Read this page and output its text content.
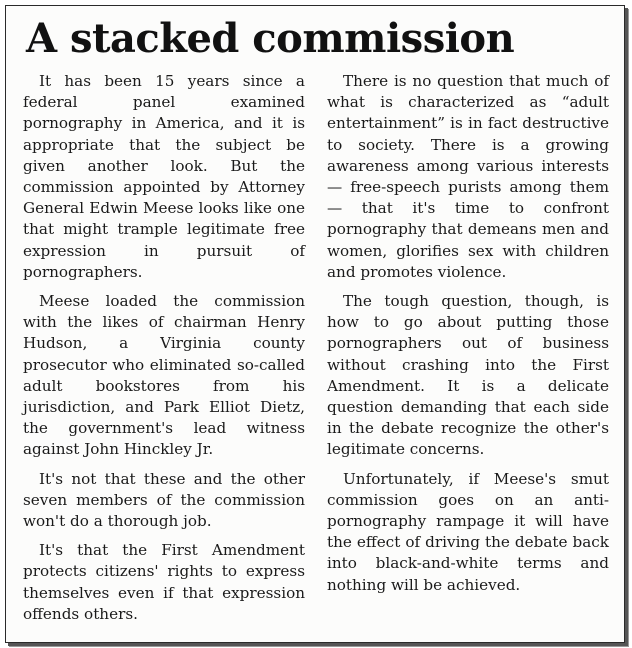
A stacked commission

It has been 15 years since a federal panel examined pornography in America, and it is appropriate that the subject be given another look. But the commission appointed by Attorney General Edwin Meese looks like one that might trample legitimate free expression in pursuit of pornographers.

Meese loaded the commission with the likes of chairman Henry Hudson, a Virginia county prosecutor who eliminated so-called adult bookstores from his jurisdiction, and Park Elliot Dietz, the government's lead witness against John Hinckley Jr.

It's not that these and the other seven members of the commission won't do a thorough job.

It's that the First Amendment protects citizens' rights to express themselves even if that expression offends others.

There is no question that much of what is characterized as “adult entertainment” is in fact destructive to society. There is a growing awareness among various interests — free-speech purists among them — that it's time to confront pornography that demeans men and women, glorifies sex with children and promotes violence.

The tough question, though, is how to go about putting those pornographers out of business without crashing into the First Amendment. It is a delicate question demanding that each side in the debate recognize the other's legitimate concerns.

Unfortunately, if Meese's smut commission goes on an anti-pornography rampage it will have the effect of driving the debate back into black-and-white terms and nothing will be achieved.
